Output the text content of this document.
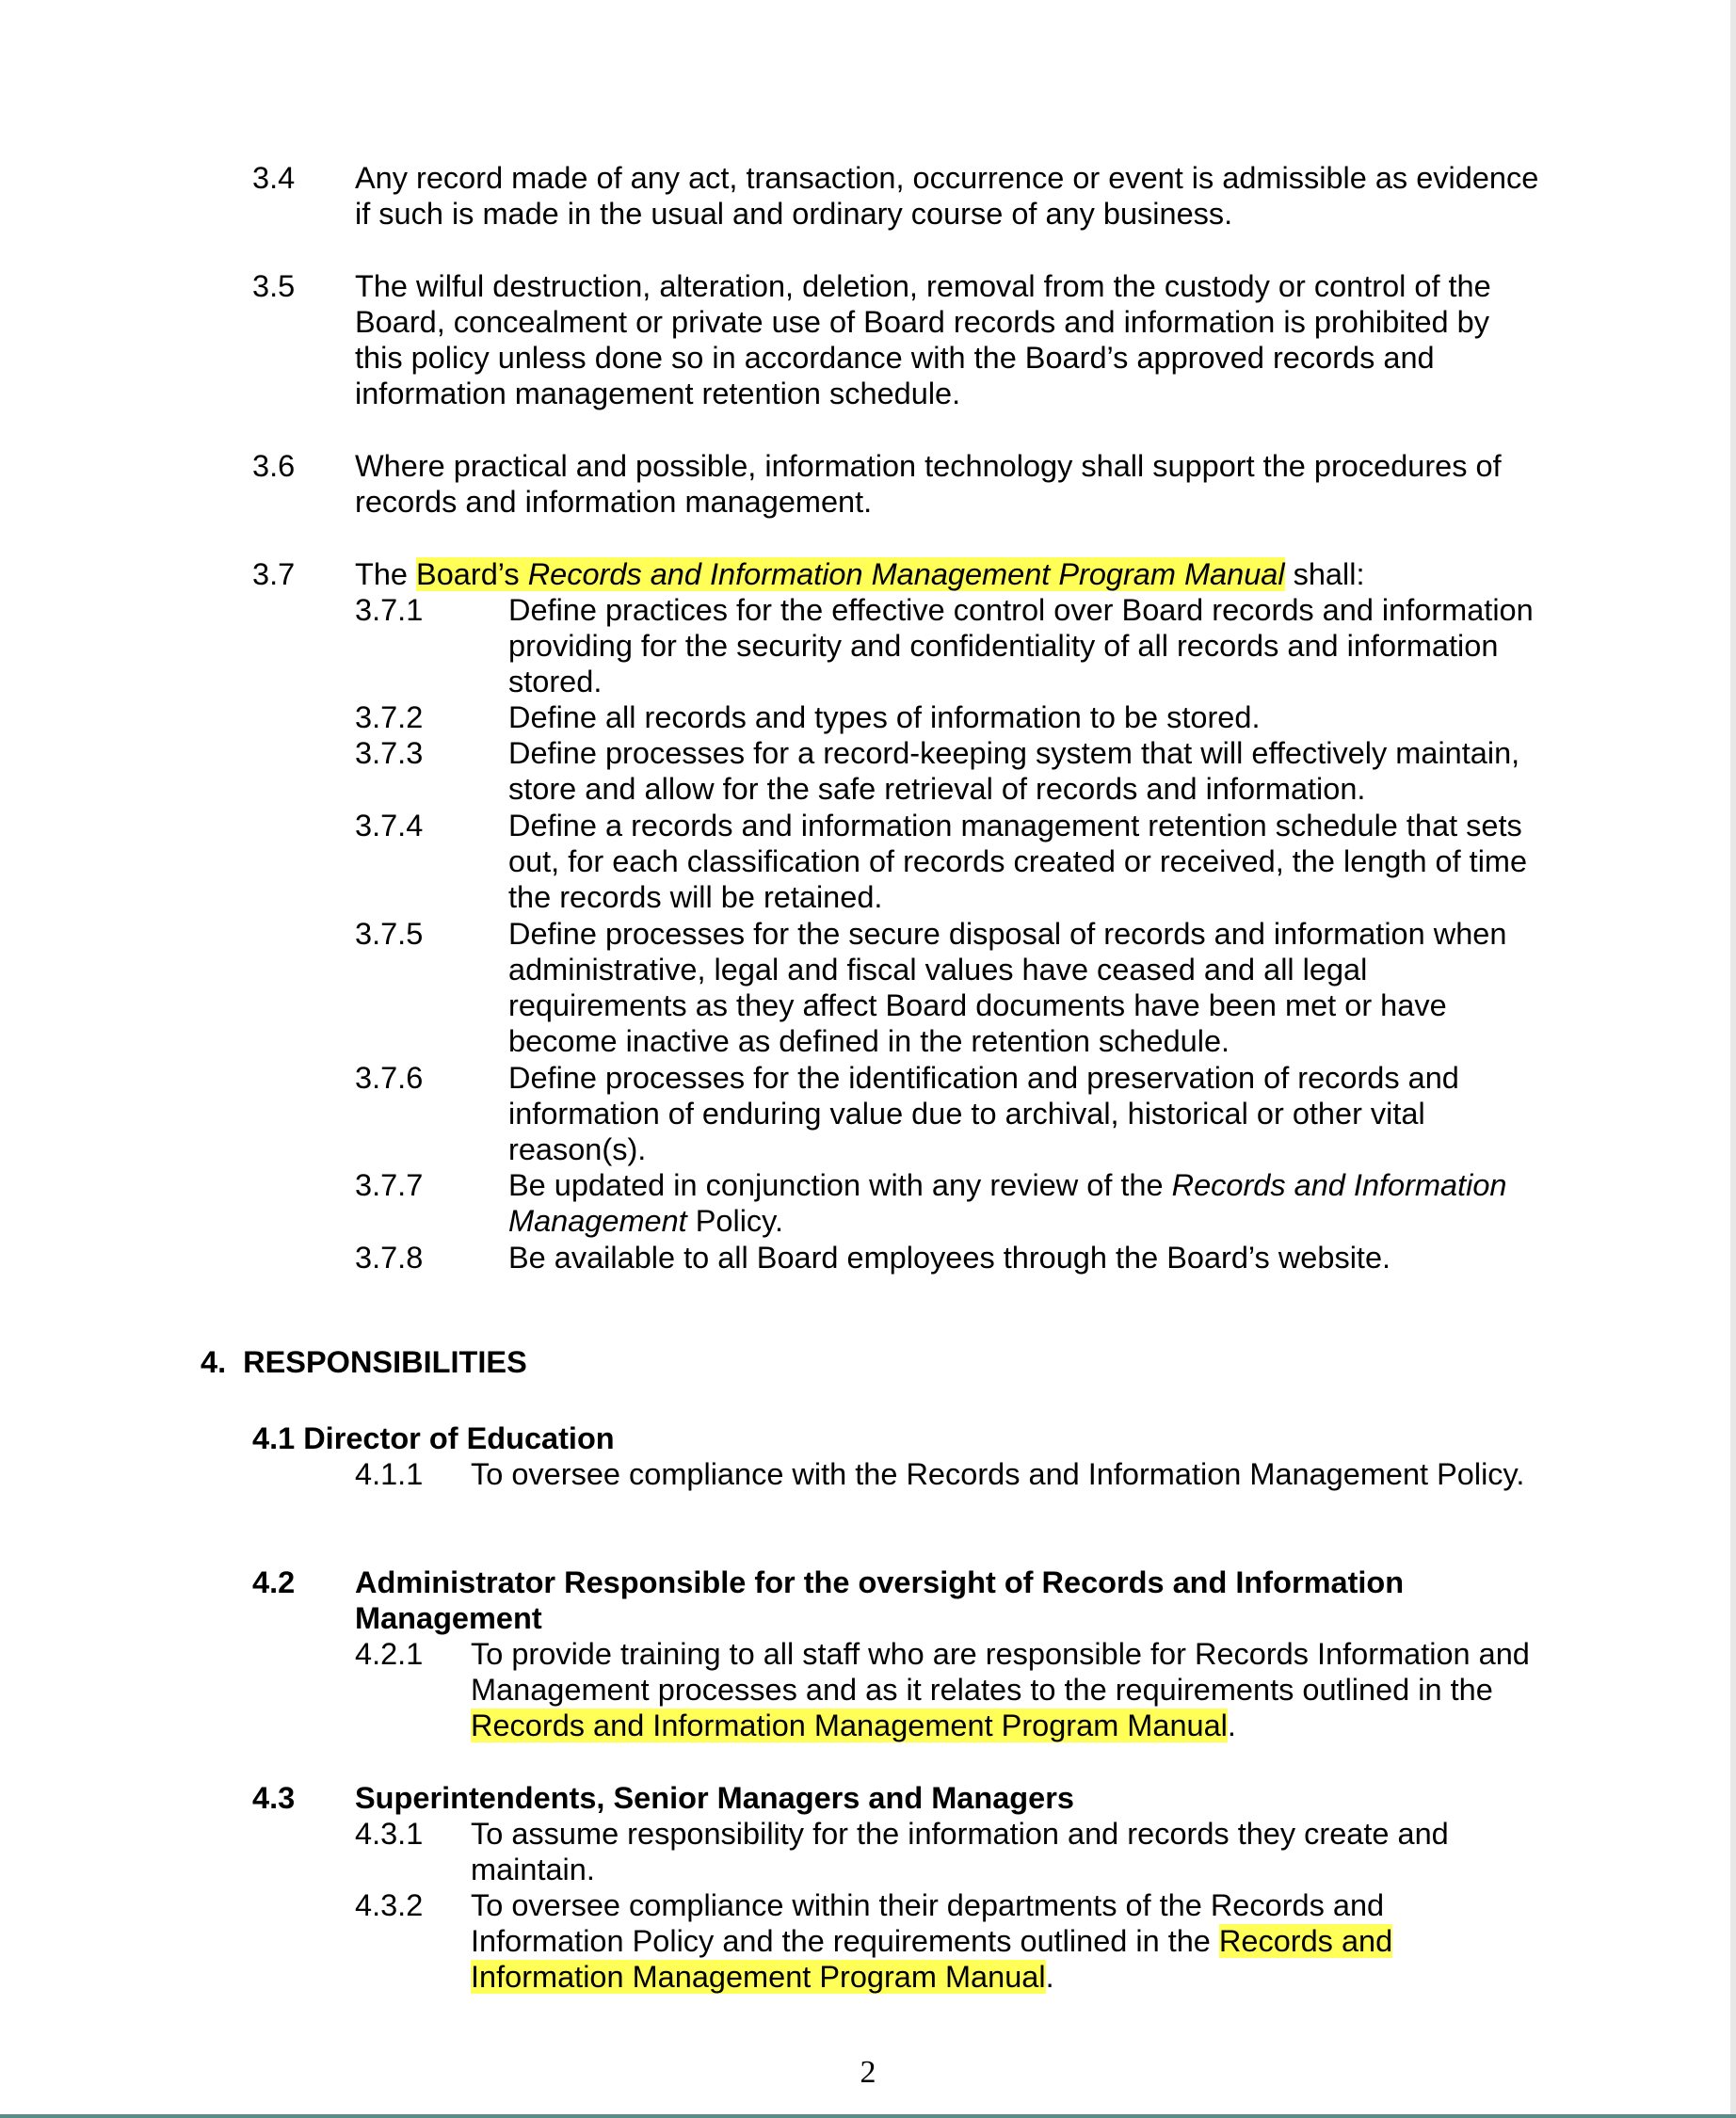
3.4 Any record made of any act, transaction, occurrence or event is admissible as evidence if such is made in the usual and ordinary course of any business.

3.5 The wilful destruction, alteration, deletion, removal from the custody or control of the Board, concealment or private use of Board records and information is prohibited by this policy unless done so in accordance with the Board’s approved records and information management retention schedule.

3.6 Where practical and possible, information technology shall support the procedures of records and information management.

3.7 The Board’s Records and Information Management Program Manual shall:

3.7.1	Define practices for the effective control over Board records and information providing for the security and confidentiality of all records and information stored.

3.7.2	Define all records and types of information to be stored.

3.7.3	Define processes for a record-keeping system that will effectively maintain, store and allow for the safe retrieval of records and information.

3.7.4	Define a records and information management retention schedule that sets out, for each classification of records created or received, the length of time the records will be retained.

3.7.5	Define processes for the secure disposal of records and information when administrative, legal and fiscal values have ceased and all legal requirements as they affect Board documents have been met or have become inactive as defined in the retention schedule.

3.7.6	Define processes for the identification and preservation of records and information of enduring value due to archival, historical or other vital reason(s).

3.7.7	Be updated in conjunction with any review of the Records and Information Management Policy.

3.7.8	Be available to all Board employees through the Board’s website.

4.  RESPONSIBILITIES
4.1 Director of Education
4.1.1 To oversee compliance with the Records and Information Management Policy.

4.2 Administrator Responsible for the oversight of Records and Information Management

4.2.1 To provide training to all staff who are responsible for Records Information and Management processes and as it relates to the requirements outlined in the Records and Information Management Program Manual.

4.3 Superintendents, Senior Managers and Managers

4.3.1 To assume responsibility for the information and records they create and maintain.

4.3.2 To oversee compliance within their departments of the Records and Information Policy and the requirements outlined in the Records and Information Management Program Manual.

2
